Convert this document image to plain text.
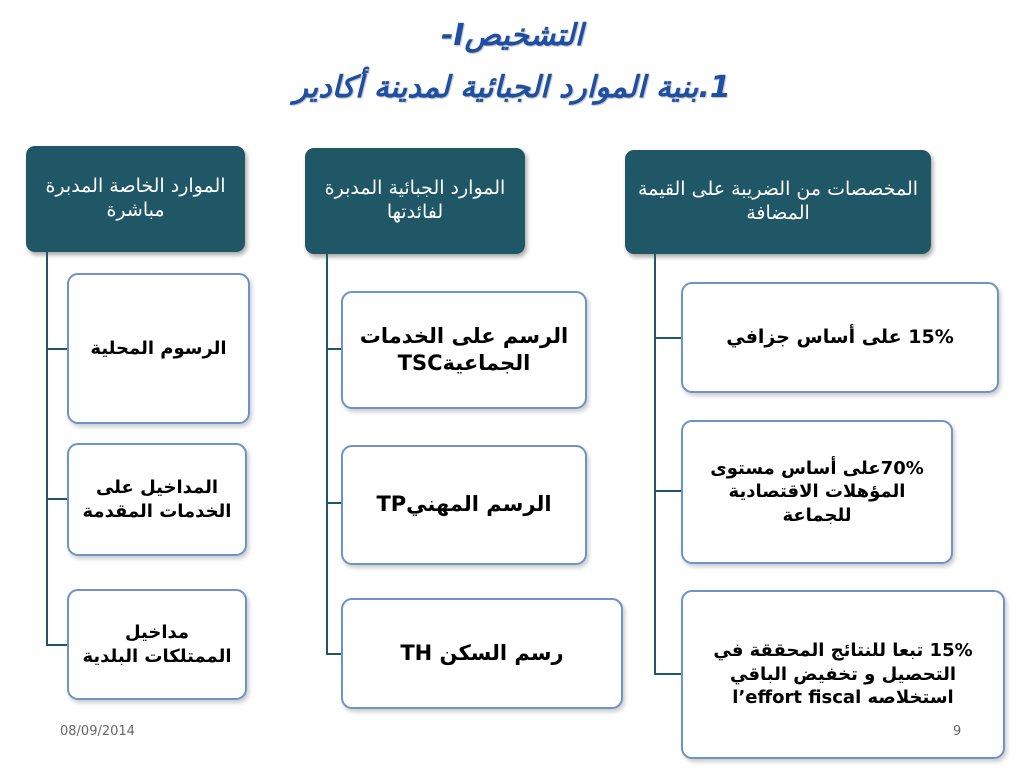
-Iالتشخيص
1.بنية الموارد الجبائية لمدينة أكادير
المخصصات من الضريبة على القيمة المضافة
15% على أساس جزافي
70%على أساس مستوى المؤهلات الاقتصادية للجماعة
15% تبعا للنتائج المحققة في التحصيل و تخفيض الباقي استخلاصه l’effort fiscal
الموارد الجبائية المدبرة لفائدتها
الرسم على الخدمات الجماعيةTSC
الرسم المهنيTP
رسم السكن TH
الموارد الخاصة المدبرة مباشرة
الرسوم المحلية
المداخيل على الخدمات المقدمة
مداخيل الممتلكات البلدية
08/09/2014	9
